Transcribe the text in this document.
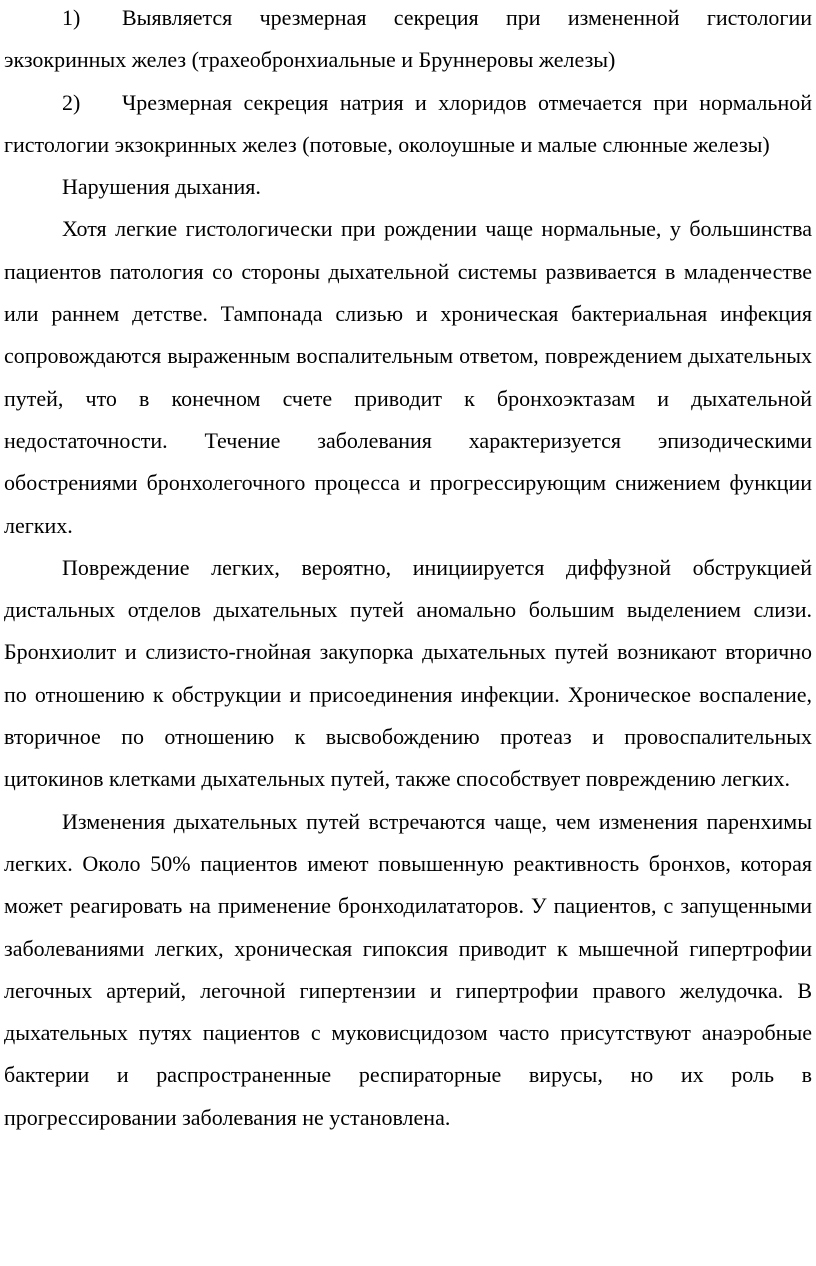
1) Выявляется чрезмерная секреция при измененной гистологии экзокринных желез (трахеобронхиальные и Бруннеровы железы)

2) Чрезмерная секреция натрия и хлоридов отмечается при нормальной гистологии экзокринных желез (потовые, околоушные и малые слюнные железы)

Нарушения дыхания.

Хотя легкие гистологически при рождении чаще нормальные, у большинства пациентов патология со стороны дыхательной системы развивается в младенчестве или раннем детстве. Тампонада слизью и хроническая бактериальная инфекция сопровождаются выраженным воспалительным ответом, повреждением дыхательных путей, что в конечном счете приводит к бронхоэктазам и дыхательной недостаточности. Течение заболевания характеризуется эпизодическими обострениями бронхолегочного процесса и прогрессирующим снижением функции легких.

Повреждение легких, вероятно, инициируется диффузной обструкцией дистальных отделов дыхательных путей аномально большим выделением слизи. Бронхиолит и слизисто-гнойная закупорка дыхательных путей возникают вторично по отношению к обструкции и присоединения инфекции. Хроническое воспаление, вторичное по отношению к высвобождению протеаз и провоспалительных цитокинов клетками дыхательных путей, также способствует повреждению легких.

Изменения дыхательных путей встречаются чаще, чем изменения паренхимы легких. Около 50% пациентов имеют повышенную реактивность бронхов, которая может реагировать на применение бронходилататоров. У пациентов, с запущенными заболеваниями легких, хроническая гипоксия приводит к мышечной гипертрофии легочных артерий, легочной гипертензии и гипертрофии правого желудочка. В дыхательных путях пациентов с муковисцидозом часто присутствуют анаэробные бактерии и распространенные респираторные вирусы, но их роль в прогрессировании заболевания не установлена.
